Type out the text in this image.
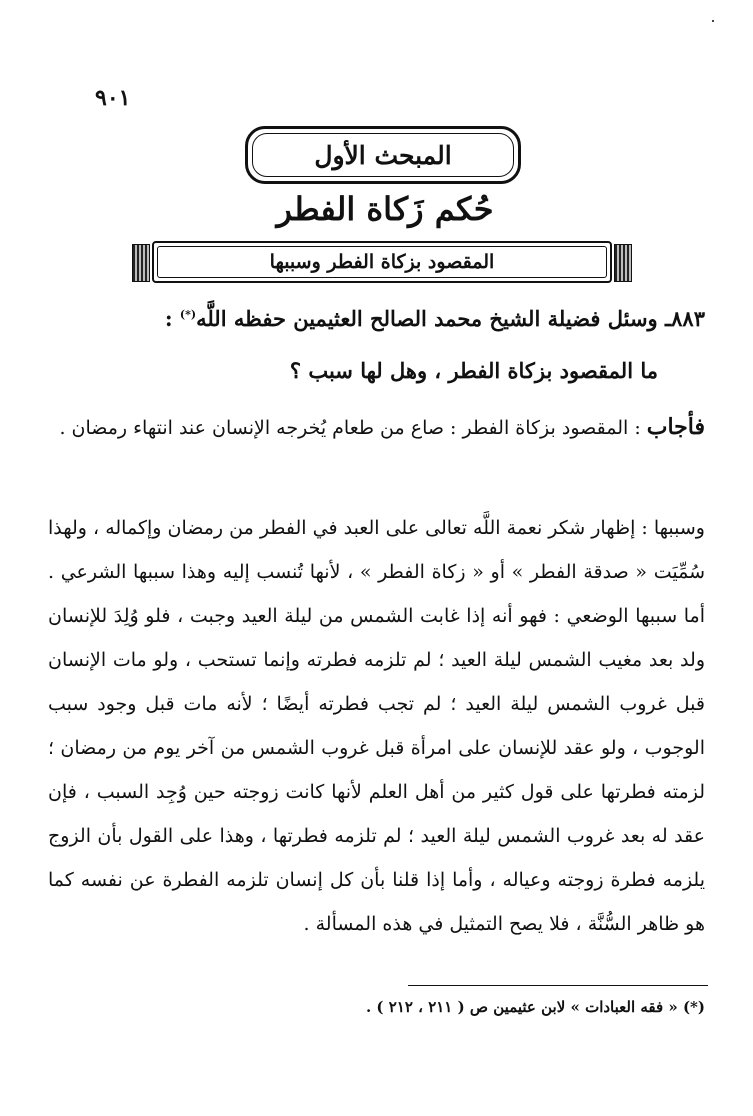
٩٠١
المبحث الأول
حُكم زَكاة الفطر
المقصود بزكاة الفطر وسببها
٨٨٣ـ وسئل فضيلة الشيخ محمد الصالح العثيمين حفظه اللَّه(*) :
ما المقصود بزكاة الفطر ، وهل لها سبب ؟
فأجاب : المقصود بزكاة الفطر : صاع من طعام يُخرجه الإنسان عند انتهاء رمضان .
وسببها : إظهار شكر نعمة اللَّه تعالى على العبد في الفطر من رمضان وإكماله ، ولهذا سُمِّيَت « صدقة الفطر » أو « زكاة الفطر » ، لأنها تُنسب إليه وهذا سببها الشرعي . أما سببها الوضعي : فهو أنه إذا غابت الشمس من ليلة العيد وجبت ، فلو وُلِدَ للإنسان ولد بعد مغيب الشمس ليلة العيد ؛ لم تلزمه فطرته وإنما تستحب ، ولو مات الإنسان قبل غروب الشمس ليلة العيد ؛ لم تجب فطرته أيضًا ؛ لأنه مات قبل وجود سبب الوجوب ، ولو عقد للإنسان على امرأة قبل غروب الشمس من آخر يوم من رمضان ؛ لزمته فطرتها على قول كثير من أهل العلم لأنها كانت زوجته حين وُجِد السبب ، فإن عقد له بعد غروب الشمس ليلة العيد ؛ لم تلزمه فطرتها ، وهذا على القول بأن الزوج يلزمه فطرة زوجته وعياله ، وأما إذا قلنا بأن كل إنسان تلزمه الفطرة عن نفسه كما هو ظاهر السُّنَّة ، فلا يصح التمثيل في هذه المسألة .
(*) « فقه العبادات » لابن عثيمين ص ( ٢١١ ، ٢١٢ ) .
